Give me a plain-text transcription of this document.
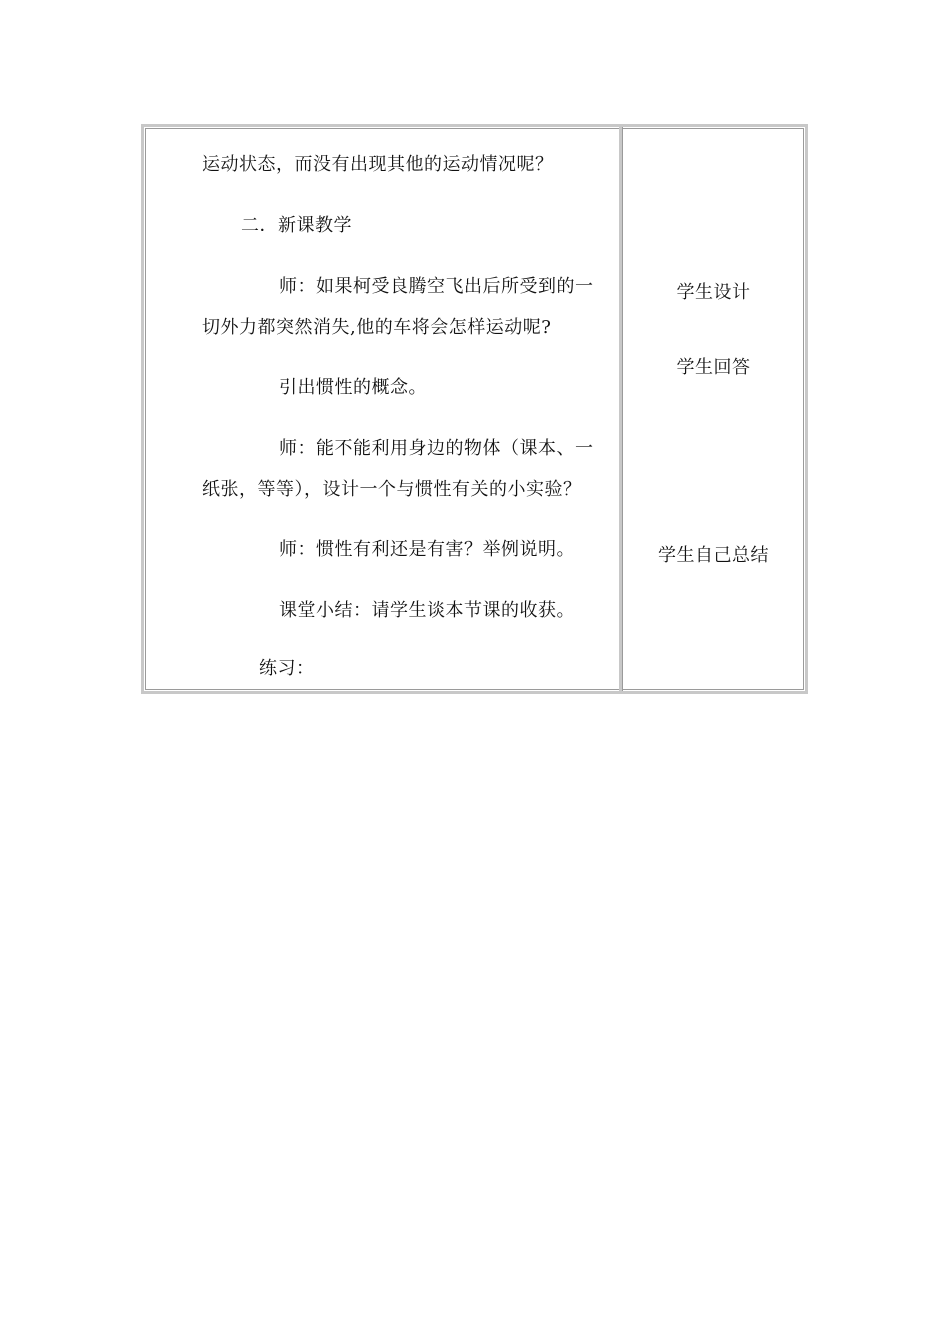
运动状态，而没有出现其他的运动情况呢？
二．新课教学
师：如果柯受良腾空飞出后所受到的一
切外力都突然消失,他的车将会怎样运动呢?
引出惯性的概念。
师：能不能利用身边的物体（课本、一
纸张，等等），设计一个与惯性有关的小实验？
师：惯性有利还是有害？举例说明。
课堂小结：请学生谈本节课的收获。
练习：
学生设计
学生回答
学生自己总结
